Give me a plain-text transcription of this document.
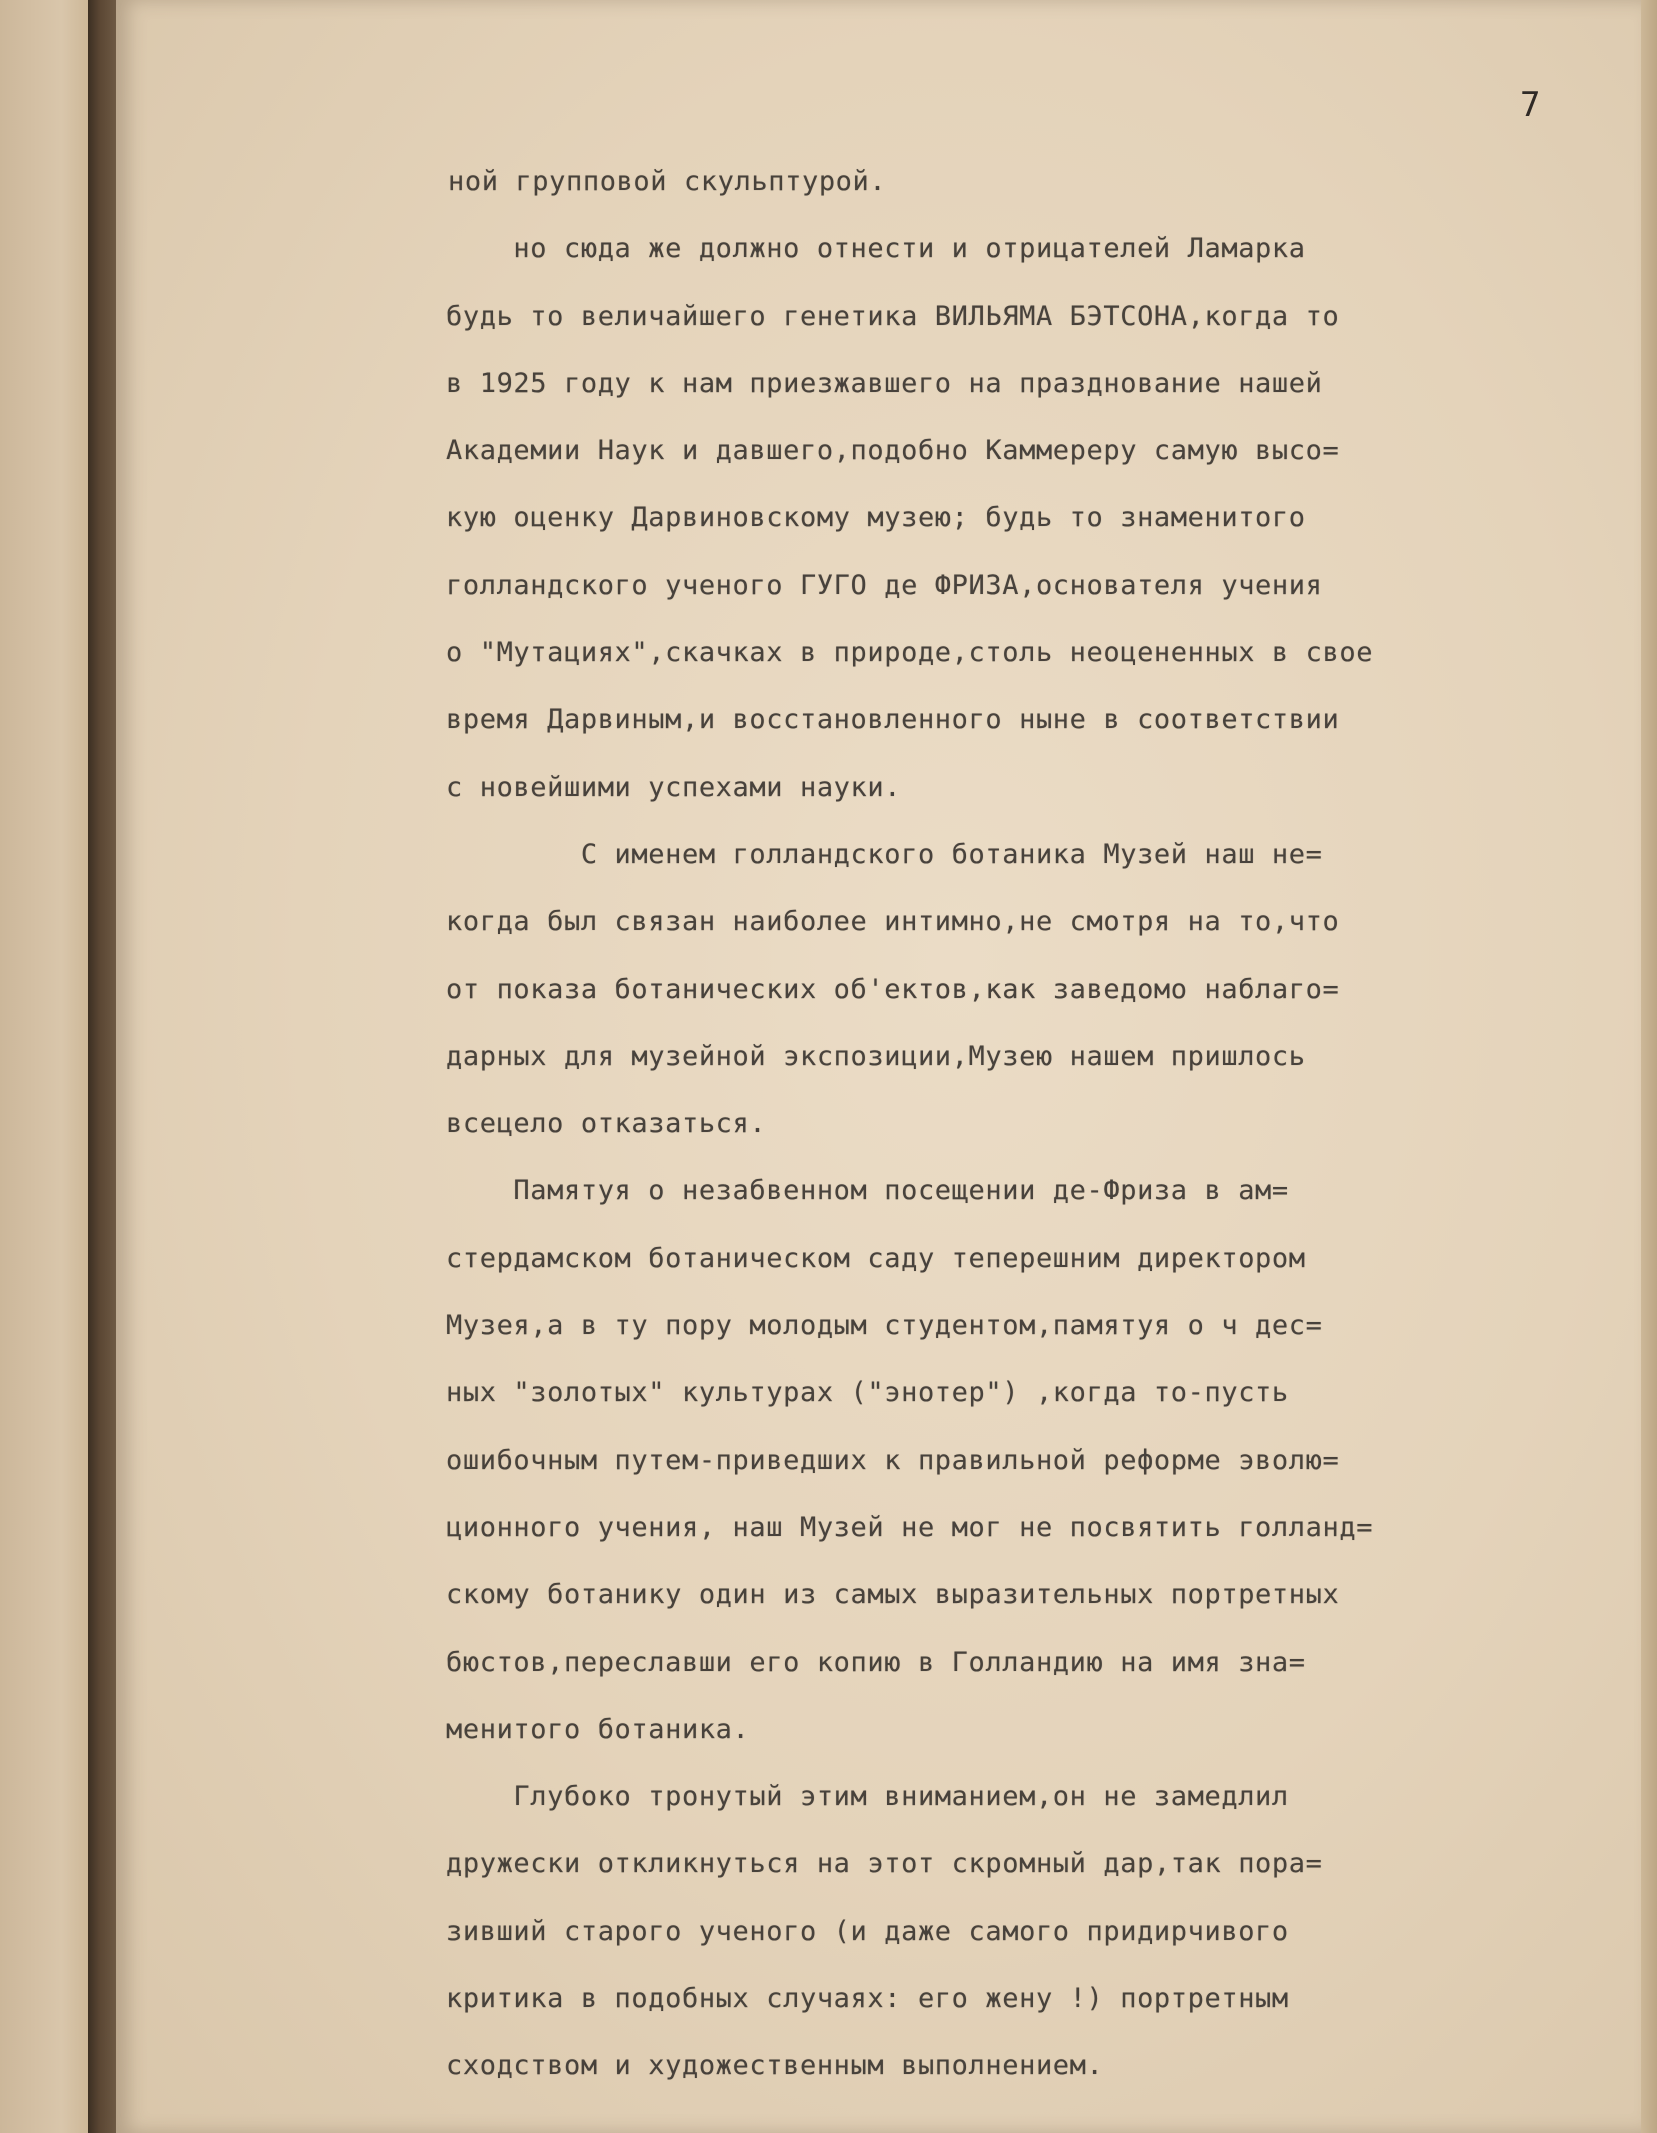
7
ной групповой скульптурой.
но сюда же должно отнести и отрицателей Ламарка
будь то величайшего генетика ВИЛЬЯМА БЭТСОНА,когда то
в 1925 году к нам приезжавшего на празднование нашей
Академии Наук и давшего,подобно Каммереру самую высо=
кую оценку Дарвиновскому музею; будь то знаменитого
голландского ученого ГУГО де ФРИЗА,основателя учения
о "Мутациях",скачках в природе,столь неоцененных в свое
время Дарвиным,и восстановленного ныне в соответствии
с новейшими успехами науки.
С именем голландского ботаника Музей наш не=
когда был связан наиболее интимно,не смотря на то,что
от показа ботанических об'ектов,как заведомо наблаго=
дарных для музейной экспозиции,Музею нашем пришлось
всецело отказаться.
Памятуя о незабвенном посещении де-Фриза в ам=
стердамском ботаническом саду теперешним директором
Музея,а в ту пору молодым студентом,памятуя о ч дес=
ных "золотых" культурах ("энотер") ,когда то-пусть
ошибочным путем-приведших к правильной реформе эволю=
ционного учения, наш Музей не мог не посвятить голланд=
скому ботанику один из самых выразительных портретных
бюстов,переславши его копию в Голландию на имя зна=
менитого ботаника.
Глубоко тронутый этим вниманием,он не замедлил
дружески откликнуться на этот скромный дар,так пора=
зивший старого ученого (и даже самого придирчивого
критика в подобных случаях: его жену !) портретным
сходством и художественным выполнением.
